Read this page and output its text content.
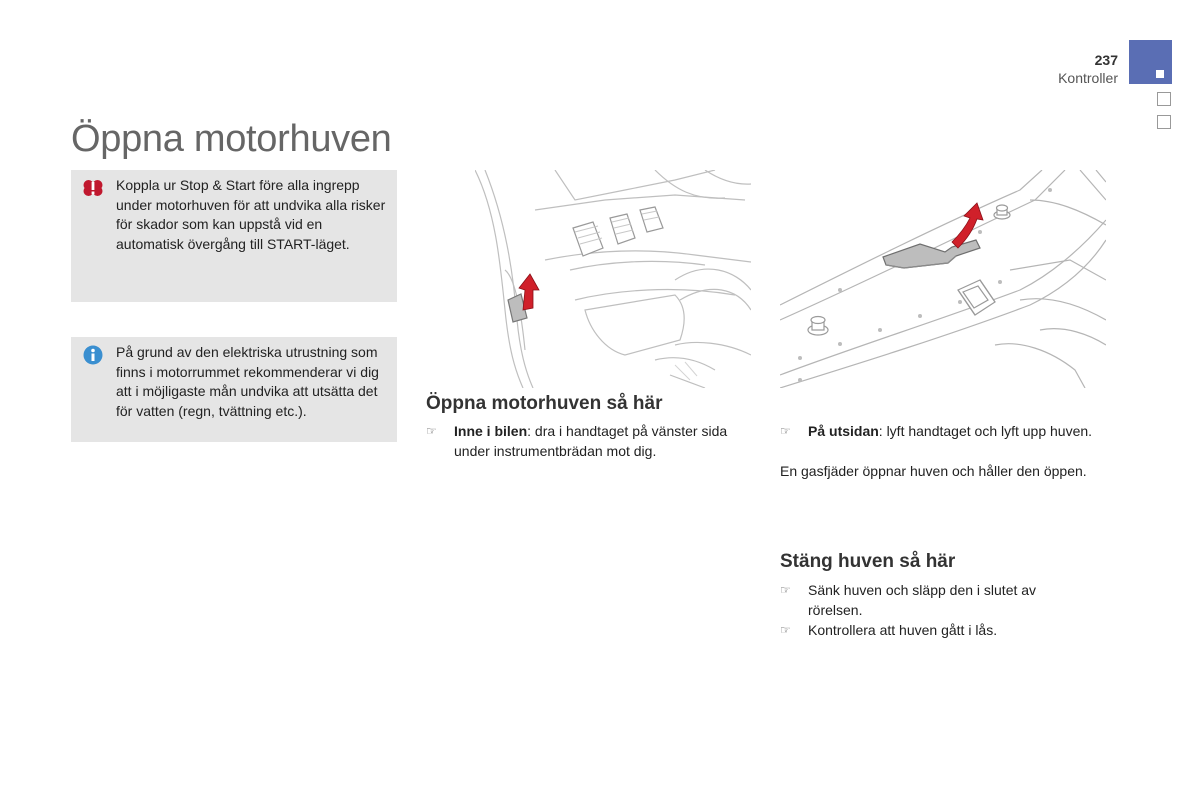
237
Kontroller
Öppna motorhuven
Koppla ur Stop & Start före alla ingrepp under motorhuven för att undvika alla risker för skador som kan uppstå vid en automatisk övergång till START-läget.
På grund av den elektriska utrustning som finns i motorrummet rekommenderar vi dig att i möjligaste mån undvika att utsätta det för vatten (regn, tvättning etc.).	Öppna motorhuven så här
☞ Inne i bilen: dra i handtaget på vänster sida under instrumentbrädan mot dig.
☞ På utsidan: lyft handtaget och lyft upp huven.
En gasfjäder öppnar huven och håller den öppen.
Stäng huven så här
☞ Sänk huven och släpp den i slutet av rörelsen.
☞ Kontrollera att huven gått i lås.
